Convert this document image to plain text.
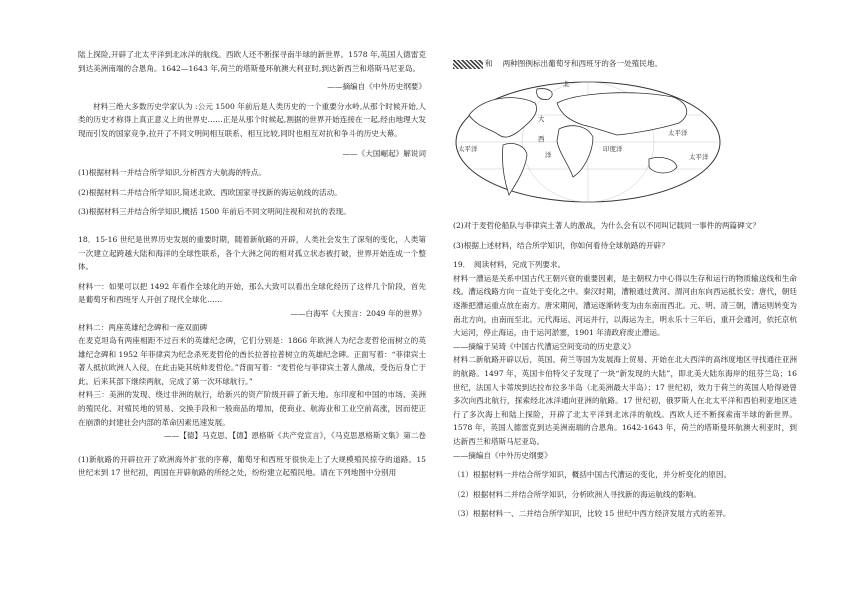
陆上探险,开辟了北太平洋到北冰洋的航线。西欧人还不断探寻南半球的新世界。1578 年,英国人德雷克到达美洲南端的合恩角。1642—1643 年,荷兰的塔斯曼环航澳大利亚时,到达新西兰和塔斯马尼亚岛。

——摘编自《中外历史纲要》

材料三绝大多数历史学家认为 :公元 1500 年前后是人类历史的一个重要分水岭,从那个时候开始,人类的历史才称得上真正意义上的世界史……正是从那个时候起,割据的世界开始连接在一起,经由地理大发现而引发的国家竞争,拉开了不同文明间相互联系、相互比较,同时也相互对抗和争斗的历史大幕。

——《大国崛起》解说词

(1)根据材料一并结合所学知识,分析西方大航海的特点。

(2)根据材料二并结合所学知识,简述北欧、西欧国家寻找新的海运航线的活动。

(3)根据材料三并结合所学知识,概括 1500 年前后不同文明间注视和对抗的表现。

18．15-16 世纪是世界历史发展的重要时期，随着新航路的开辟，人类社会发生了深刻的变化，人类第一次建立起跨越大陆和海洋的全球性联系，各个大洲之间的相对孤立状态被打破，世界开始连成一个整体。

材料一：如果可以把 1492 年看作全球化的开始，那么大致可以看出全球化经历了这样几个阶段，首先是葡萄牙和西班牙人开创了现代全球化……

——白海军《大预言：2049 年的世界》

材料二：两座英雄纪念碑和一座双面碑

在麦克坦岛有两座相距不过百米的英雄纪念碑，它们分别是：1866 年欧洲人为纪念麦哲伦而树立的英雄纪念碑和 1952 年菲律宾为纪念杀死麦哲伦的酋长拉普拉普树立的英雄纪念碑。正面写着：“菲律宾士著人抵抗欧洲人入侵，在此击毙其统帅麦哲伦。”背面写着：“麦哲伦与菲律宾土著人激战，受伤后身亡于此。后来其部下继续两航，完成了第一次环球航行。”

材料三：美洲的发现、绕过非洲的航行，给新兴的资产阶级开辟了新天地。东印度和中国的市场、美洲的殖民化、对殖民地的贸易、交换手段和一般商品的增加，使商业、航海业和工业空前高涨，因而使正在崩溃的封建社会内部的革命因素迅速发展。

——【德】马克思、【德】恩格斯《共产党宣言》，《马克思恩格斯文集》第二卷

(1)新航路的开辟拉开了欧洲海外扩张的序幕，葡萄牙和西班牙很快走上了大规模殖民掠夺的道路。15 世纪末到 17 世纪初，两国在开辟航路的所经之处，纷纷建立起殖民地。请在下列地图中分别用

和 两种图例标出葡萄牙和西班牙的各一处殖民地。

北
太平洋
大
西
太平洋
洋
印度洋
太平洋

(2)对于麦哲伦船队与菲律宾土著人的激战，为什么会有以不同叫记载同一事件的两篇碑文？

(3)根据上述材料，结合所学知识，你如何看待全球航路的开辟？

19．　阅读材料，完成下列要求。

材料一漕运是关系中国古代王朝兴衰的重要因素，是主朝权力中心得以生存和运行的物质输送线和生命线。漕运线路方向一直处于变化之中。秦汉时期，漕粮通过黄河、渭河由东向西运抵长安；唐代，朝廷逐渐把漕运重点放在南方。唐宋期间，漕运逐渐转变为由东南而西北。元、明、清三朝，漕运则转变为南北方向，由南而至北。元代海运、河运并行，以海运为主，明永乐十三年后，重开会通河，依托京杭大运河，停止海运，由于运河淤塞，1901 年清政府废止漕运。

——摘编于吴琦《中国古代漕运空间变动的历史意义》

材料二新航路开辟以后，英国、荷兰等国为发展海上贸易、开始在北大西洋的高纬度地区寻找通往亚洲的航路。1497 年，英国卡伯特父子发现了一块“新发现的大陆”，即北美大陆东海岸的纽芬兰岛；16 世纪，法国人卡蒂埃到达拉布拉多半岛（北美洲最大半岛）；17 世纪初，效力于荷兰的英国人哈得逊曾多次向西北航行，探索经北冰洋通向亚洲的航路。17 世纪初，俄罗斯人在北太平洋和西伯利亚地区进行了多次海上和陆上探险，开辟了北太平洋到北冰洋的航线。西欧人还不断探索南半球的新世界。1578 年，英国人德雷克到达美洲南端的合恩角。1642-1643 年，荷兰的塔斯曼环航澳大利亚时，到达新西兰和塔斯马尼亚岛。

——摘编自《中外历史纲要》

（1）根据材料一并结合所学知识，概括中国古代漕运的变化，并分析变化的原因。

（2）根据材料二并结合所学知识，分析欧洲人寻找新的海运航线的影响。

（3）根据材料一、二并结合所学知识，比较 15 世纪中西方经济发展方式的差异。
